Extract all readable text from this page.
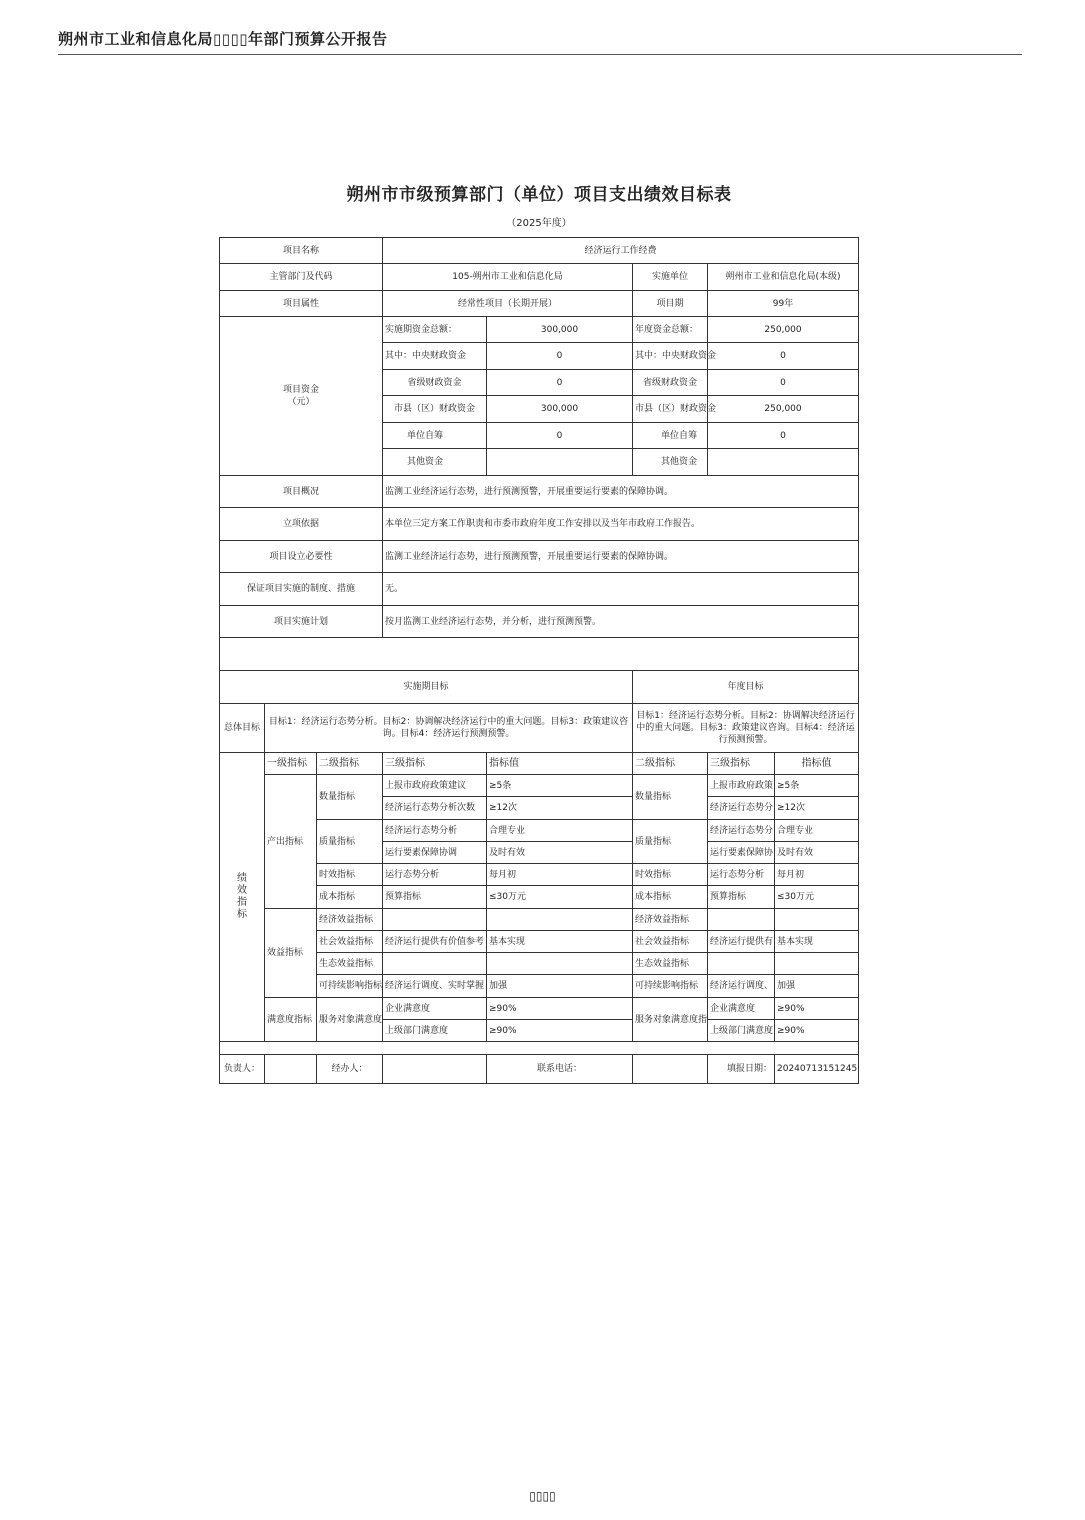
朔州市工业和信息化局▯▯▯▯年部门预算公开报告
朔州市市级预算部门（单位）项目支出绩效目标表
（2025年度）
项目名称			经济运行工作经费				
主管部门及代码			105-朔州市工业和信息化局		实施单位	朔州市工业和信息化局(本级)	
项目属性			经常性项目（长期开展）		项目期	99年	
项目资金
（元）			实施期资金总额：	300,000	年度资金总额：	250,000	
			其中：中央财政资金	0	其中：中央财政资金	0	
			省级财政资金	0	省级财政资金	0	
			市县（区）财政资金	300,000	市县（区）财政资金	250,000	
			单位自筹	0	单位自筹	0	
			其他资金		其他资金		
项目概况			监测工业经济运行态势，进行预测预警，开展重要运行要素的保障协调。				
立项依据			本单位三定方案工作职责和市委市政府年度工作安排以及当年市政府工作报告。				
项目设立必要性			监测工业经济运行态势，进行预测预警，开展重要运行要素的保障协调。				
保证项目实施的制度、措施			无。				
项目实施计划			按月监测工业经济运行态势，并分析，进行预测预警。				

实施期目标					年度目标		
总体目标	目标1：经济运行态势分析。目标2：协调解决经济运行中的重大问题。目标3：政策建议咨询。目标4：经济运行预测预警。				目标1：经济运行态势分析。目标2：协调解决经济运行中的重大问题。目标3：政策建议咨询。目标4：经济运行预测预警。		
绩
效
指
标	一级指标	二级指标	三级指标	指标值	二级指标	三级指标	指标值
	产出指标	数量指标	上报市政府政策建议	≥5条	数量指标	上报市政府政策	≥5条
			经济运行态势分析次数	≥12次		经济运行态势分	≥12次
		质量指标	经济运行态势分析	合理专业	质量指标	经济运行态势分	合理专业
			运行要素保障协调	及时有效		运行要素保障协	及时有效
		时效指标	运行态势分析	每月初	时效指标	运行态势分析	每月初
		成本指标	预算指标	≤30万元	成本指标	预算指标	≤30万元
	效益指标	经济效益指标			经济效益指标		
		社会效益指标	经济运行提供有价值参考	基本实现	社会效益指标	经济运行提供有	基本实现
		生态效益指标			生态效益指标		
		可持续影响指标	经济运行调度、实时掌握	加强	可持续影响指标	经济运行调度、	加强
	满意度指标	服务对象满意度	企业满意度	≥90%	服务对象满意度指	企业满意度	≥90%
			上级部门满意度	≥90%		上级部门满意度	≥90%

负责人：		经办人：		联系电话：		填报日期：	20240713151245
▯▯▯▯
